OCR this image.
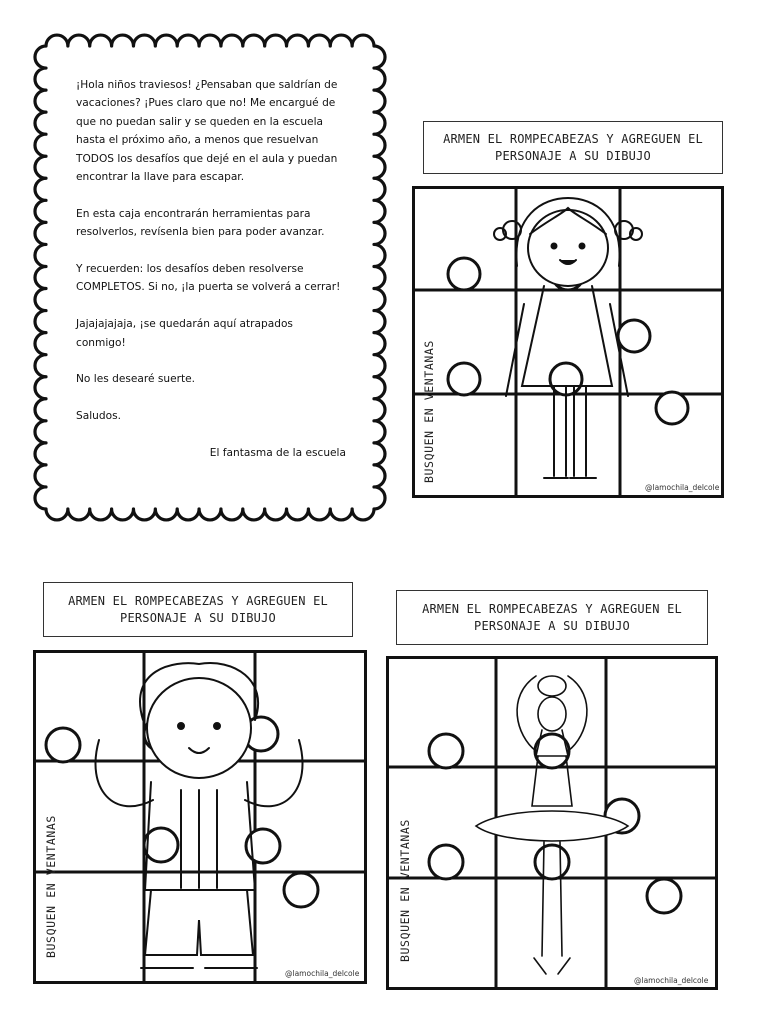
¡Hola niños traviesos! ¿Pensaban que saldrían de vacaciones? ¡Pues claro que no! Me encargué de que no puedan salir y se queden en la escuela hasta el próximo año, a menos que resuelvan TODOS los desafíos que dejé en el aula y puedan encontrar la llave para escapar.

En esta caja encontrarán herramientas para resolverlos, revísenla bien para poder avanzar.

Y recuerden: los desafíos deben resolverse COMPLETOS. Si no, ¡la puerta se volverá a cerrar!

Jajajajajaja, ¡se quedarán aquí atrapados conmigo!

No les desearé suerte.

Saludos.

El fantasma de la escuela

ARMEN EL ROMPECABEZAS Y AGREGUEN EL PERSONAJE A SU DIBUJO
BUSQUEN EN VENTANAS
@lamochila_delcole
ARMEN EL ROMPECABEZAS Y AGREGUEN EL PERSONAJE A SU DIBUJO
BUSQUEN EN VENTANAS
@lamochila_delcole
ARMEN EL ROMPECABEZAS Y AGREGUEN EL PERSONAJE A SU DIBUJO
BUSQUEN EN VENTANAS
@lamochila_delcole
